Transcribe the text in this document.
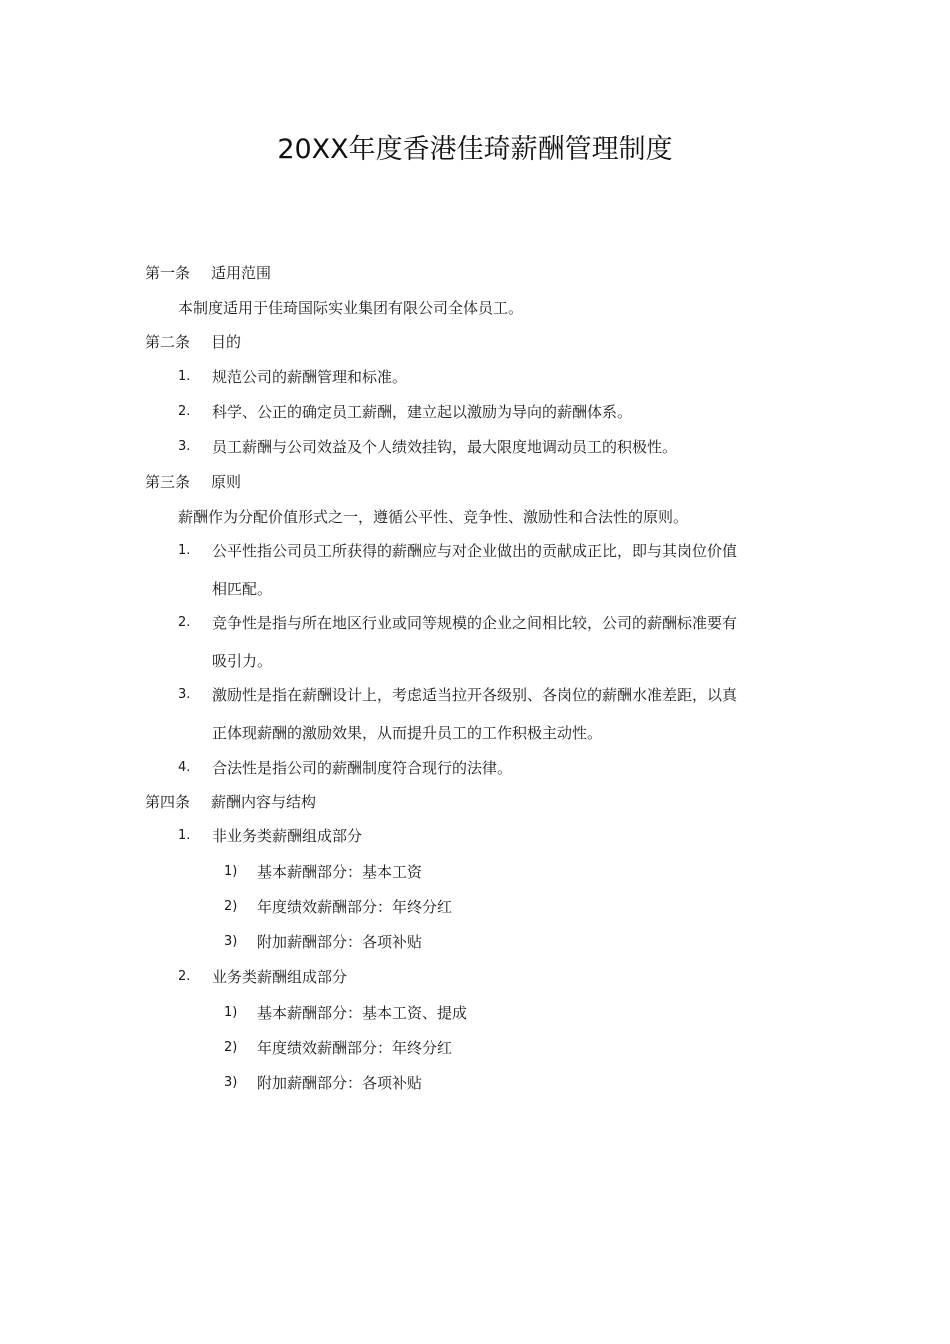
20XX年度香港佳琦薪酬管理制度
第一条 适用范围
本制度适用于佳琦国际实业集团有限公司全体员工。
第二条 目的
1. 规范公司的薪酬管理和标准。
2. 科学、公正的确定员工薪酬，建立起以激励为导向的薪酬体系。
3. 员工薪酬与公司效益及个人绩效挂钩，最大限度地调动员工的积极性。
第三条 原则
薪酬作为分配价值形式之一，遵循公平性、竞争性、激励性和合法性的原则。
1. 公平性指公司员工所获得的薪酬应与对企业做出的贡献成正比，即与其岗位价值
相匹配。
2. 竞争性是指与所在地区行业或同等规模的企业之间相比较，公司的薪酬标准要有
吸引力。
3. 激励性是指在薪酬设计上，考虑适当拉开各级别、各岗位的薪酬水准差距，以真
正体现薪酬的激励效果，从而提升员工的工作积极主动性。
4. 合法性是指公司的薪酬制度符合现行的法律。
第四条 薪酬内容与结构
1. 非业务类薪酬组成部分
1) 基本薪酬部分：基本工资
2) 年度绩效薪酬部分：年终分红
3) 附加薪酬部分：各项补贴
2. 业务类薪酬组成部分
1) 基本薪酬部分：基本工资、提成
2) 年度绩效薪酬部分：年终分红
3) 附加薪酬部分：各项补贴
